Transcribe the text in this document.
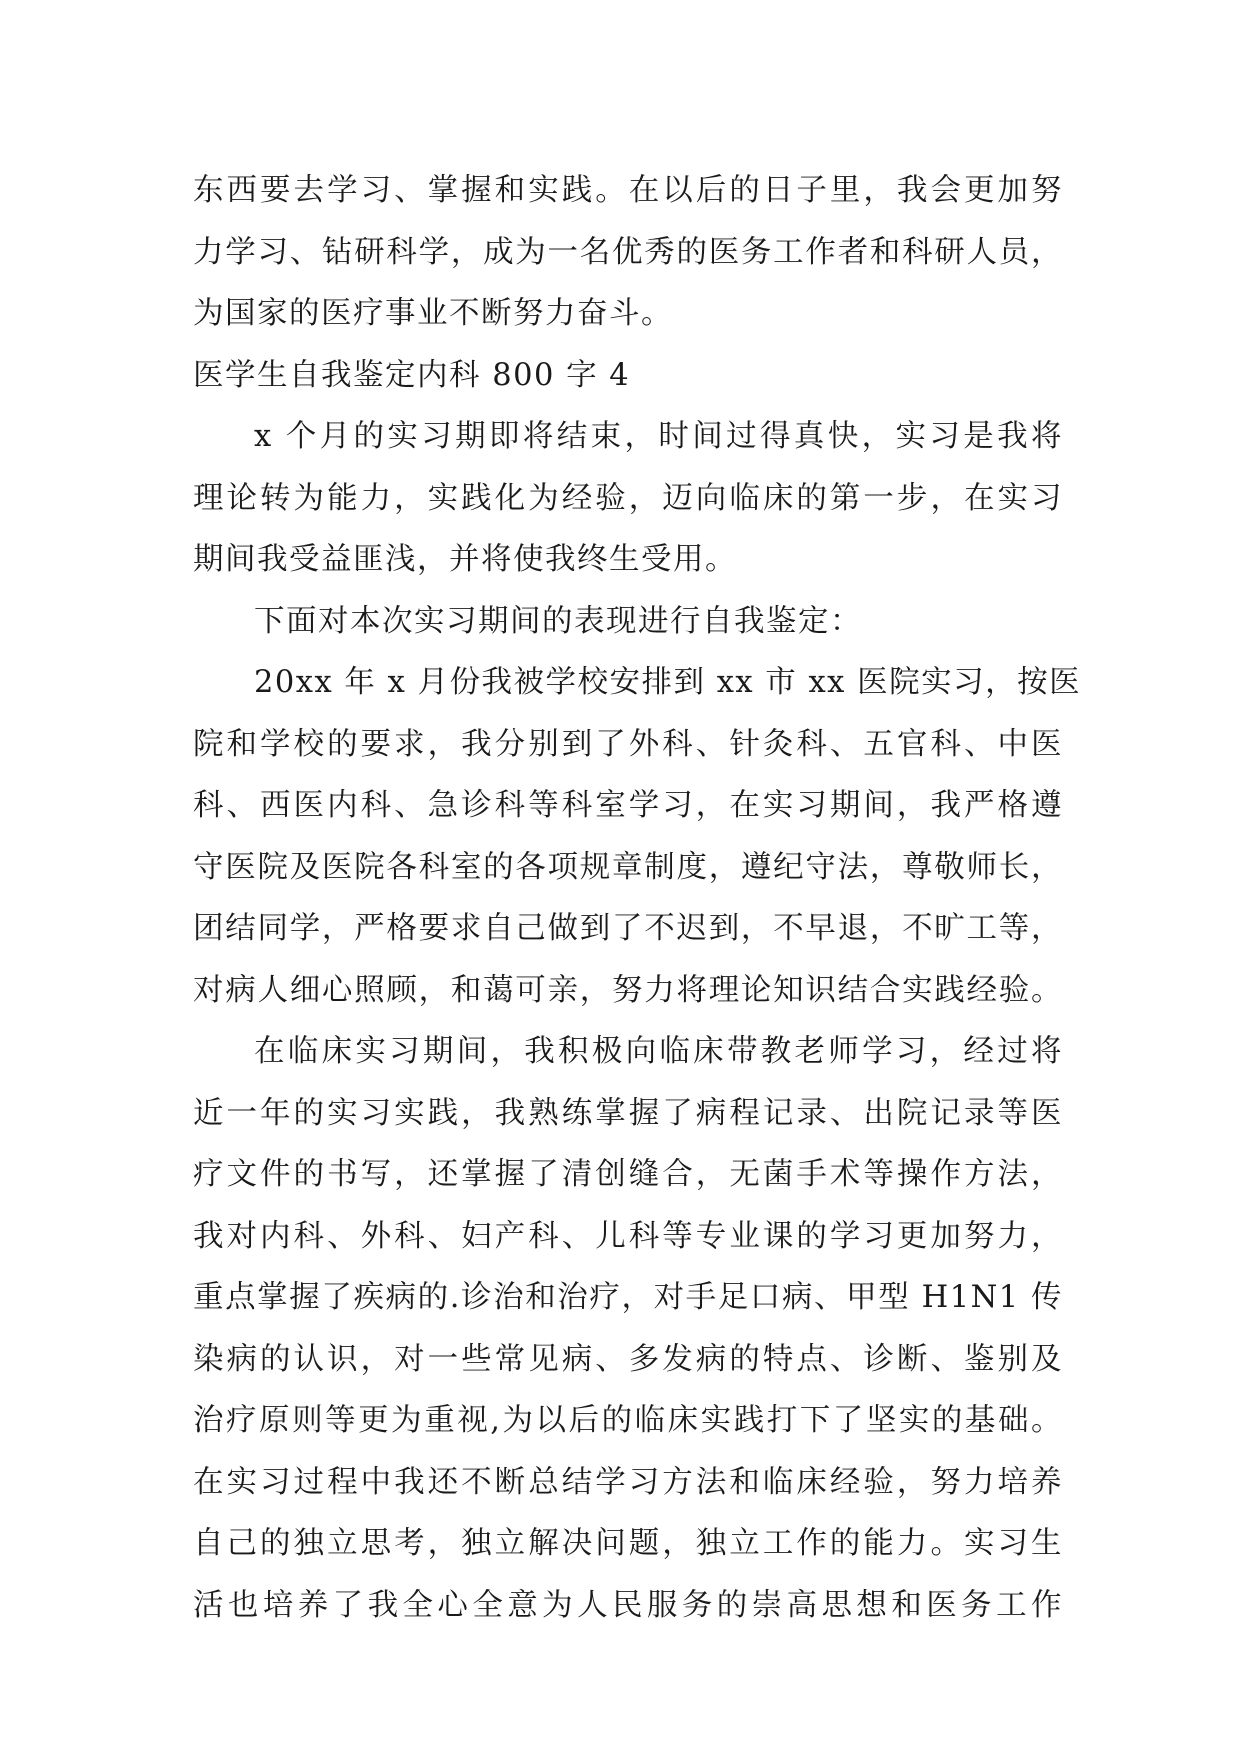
东西要去学习、掌握和实践。在以后的日子里，我会更加努
力学习、钻研科学，成为一名优秀的医务工作者和科研人员，
为国家的医疗事业不断努力奋斗。
医学生自我鉴定内科 800 字 4
x 个月的实习期即将结束，时间过得真快，实习是我将
理论转为能力，实践化为经验，迈向临床的第一步，在实习
期间我受益匪浅，并将使我终生受用。
下面对本次实习期间的表现进行自我鉴定：
20xx 年 x 月份我被学校安排到 xx 市 xx 医院实习，按医
院和学校的要求，我分别到了外科、针灸科、五官科、中医
科、西医内科、急诊科等科室学习，在实习期间，我严格遵
守医院及医院各科室的各项规章制度，遵纪守法，尊敬师长，
团结同学，严格要求自己做到了不迟到，不早退，不旷工等，
对病人细心照顾，和蔼可亲，努力将理论知识结合实践经验。
在临床实习期间，我积极向临床带教老师学习，经过将
近一年的实习实践，我熟练掌握了病程记录、出院记录等医
疗文件的书写，还掌握了清创缝合，无菌手术等操作方法，
我对内科、外科、妇产科、儿科等专业课的学习更加努力，
重点掌握了疾病的.诊治和治疗，对手足口病、甲型 H1N1 传
染病的认识，对一些常见病、多发病的特点、诊断、鉴别及
治疗原则等更为重视,为以后的临床实践打下了坚实的基础。
在实习过程中我还不断总结学习方法和临床经验，努力培养
自己的独立思考，独立解决问题，独立工作的能力。实习生
活也培养了我全心全意为人民服务的崇高思想和医务工作
